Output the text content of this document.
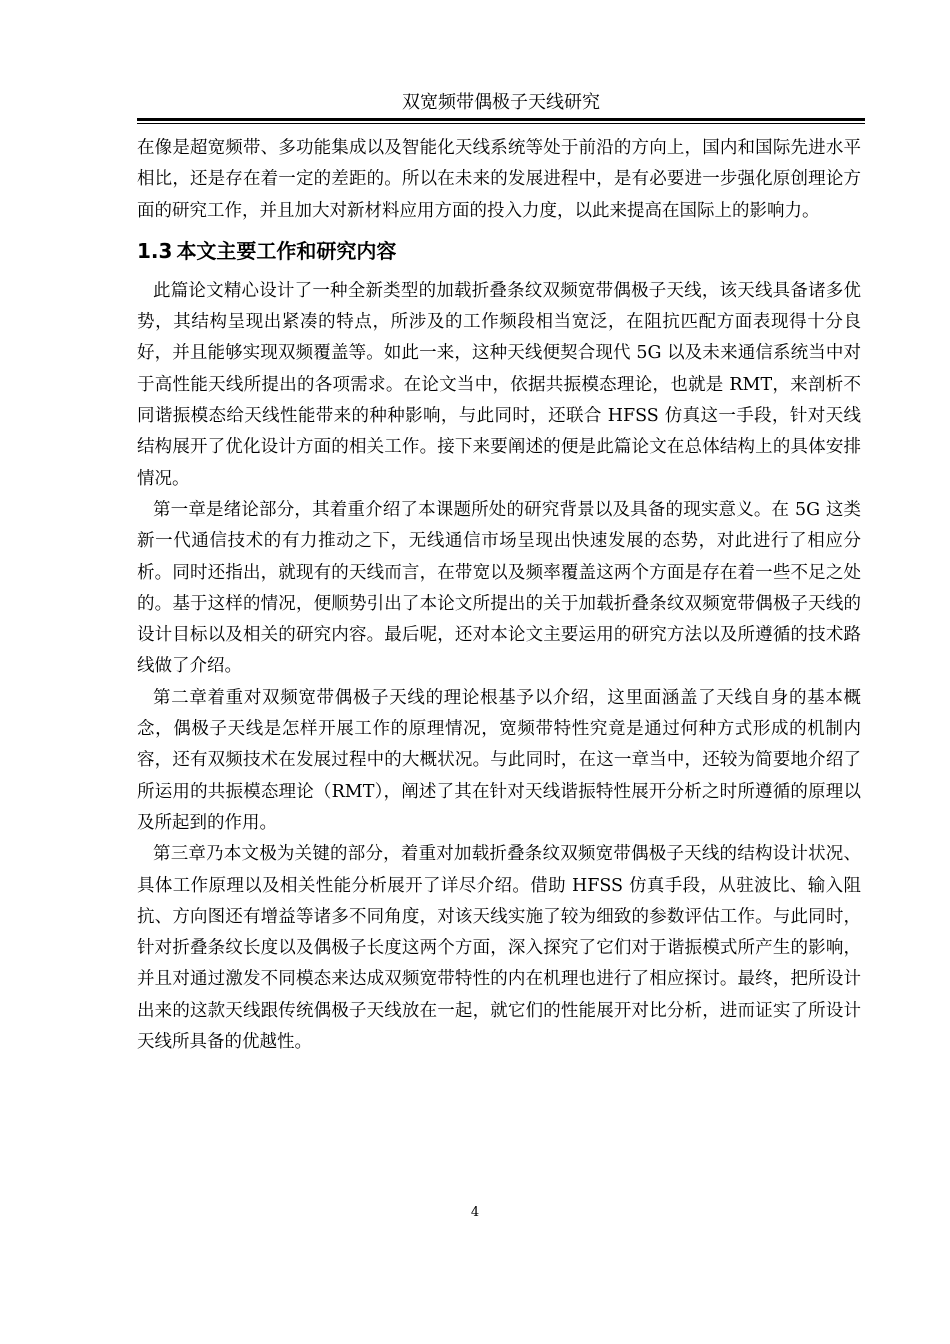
双宽频带偶极子天线研究

在像是超宽频带、多功能集成以及智能化天线系统等处于前沿的方向上，国内和国际先进水平相比，还是存在着一定的差距的。所以在未来的发展进程中，是有必要进一步强化原创理论方面的研究工作，并且加大对新材料应用方面的投入力度，以此来提高在国际上的影响力。

1.3 本文主要工作和研究内容

此篇论文精心设计了一种全新类型的加载折叠条纹双频宽带偶极子天线，该天线具备诸多优势，其结构呈现出紧凑的特点，所涉及的工作频段相当宽泛，在阻抗匹配方面表现得十分良好，并且能够实现双频覆盖等。如此一来，这种天线便契合现代 5G 以及未来通信系统当中对于高性能天线所提出的各项需求。在论文当中，依据共振模态理论，也就是 RMT，来剖析不同谐振模态给天线性能带来的种种影响，与此同时，还联合 HFSS 仿真这一手段，针对天线结构展开了优化设计方面的相关工作。接下来要阐述的便是此篇论文在总体结构上的具体安排情况。

第一章是绪论部分，其着重介绍了本课题所处的研究背景以及具备的现实意义。在 5G 这类新一代通信技术的有力推动之下，无线通信市场呈现出快速发展的态势，对此进行了相应分析。同时还指出，就现有的天线而言，在带宽以及频率覆盖这两个方面是存在着一些不足之处的。基于这样的情况，便顺势引出了本论文所提出的关于加载折叠条纹双频宽带偶极子天线的设计目标以及相关的研究内容。最后呢，还对本论文主要运用的研究方法以及所遵循的技术路线做了介绍。

第二章着重对双频宽带偶极子天线的理论根基予以介绍，这里面涵盖了天线自身的基本概念，偶极子天线是怎样开展工作的原理情况，宽频带特性究竟是通过何种方式形成的机制内容，还有双频技术在发展过程中的大概状况。与此同时，在这一章当中，还较为简要地介绍了所运用的共振模态理论（RMT），阐述了其在针对天线谐振特性展开分析之时所遵循的原理以及所起到的作用。

第三章乃本文极为关键的部分，着重对加载折叠条纹双频宽带偶极子天线的结构设计状况、具体工作原理以及相关性能分析展开了详尽介绍。借助 HFSS 仿真手段，从驻波比、输入阻抗、方向图还有增益等诸多不同角度，对该天线实施了较为细致的参数评估工作。与此同时，针对折叠条纹长度以及偶极子长度这两个方面，深入探究了它们对于谐振模式所产生的影响，并且对通过激发不同模态来达成双频宽带特性的内在机理也进行了相应探讨。最终，把所设计出来的这款天线跟传统偶极子天线放在一起，就它们的性能展开对比分析，进而证实了所设计天线所具备的优越性。

4
